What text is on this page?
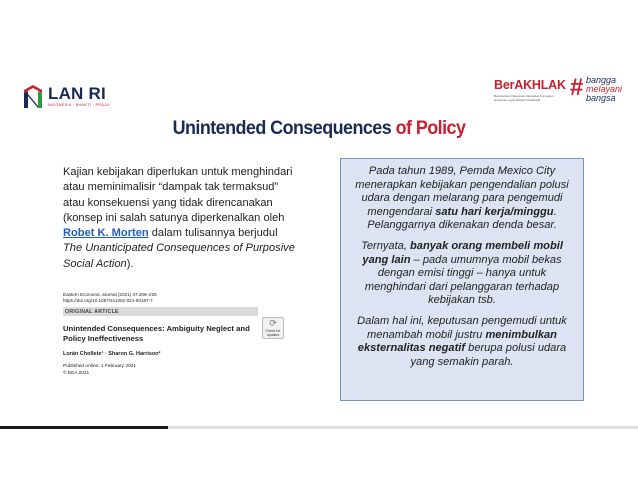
LAN RI
INDONESIA · BHAKTI · PRAJA
BerAKHLAK
Berorientasi Pelayanan Akuntabel Kompeten Harmonis Loyal Adaptif Kolaboratif	# bangga
melayani
bangsa
Unintended Consequences of Policy
Kajian kebijakan diperlukan untuk menghindari atau meminimalisir “dampak tak termaksud” atau konsekuensi yang tidak direncanakan (konsep ini salah satunya diperkenalkan oleh Robet K. Morten dalam tulisannya berjudul The Unanticipated Consequences of Purposive Social Action).
Eastern Economic Journal (2021) 47:206–226
https://doi.org/10.1057/s41302-021-00187-7
ORIGINAL ARTICLE
⟳
Check for updates
Unintended Consequences: Ambiguity Neglect and Policy Ineffectiveness
Lorán Chollete¹ · Sharon G. Harrison²
Published online: 1 February 2021
© EEA 2021

Pada tahun 1989, Pemda Mexico City menerapkan kebijakan pengendalian polusi udara dengan melarang para pengemudi mengendarai satu hari kerja/minggu. Pelanggarnya dikenakan denda besar.

Ternyata, banyak orang membeli mobil yang lain – pada umumnya mobil bekas dengan emisi tinggi – hanya untuk menghindari dari pelanggaran terhadap kebijakan tsb.

Dalam hal ini, keputusan pengemudi untuk menambah mobil justru menimbulkan eksternalitas negatif berupa polusi udara yang semakin parah.
